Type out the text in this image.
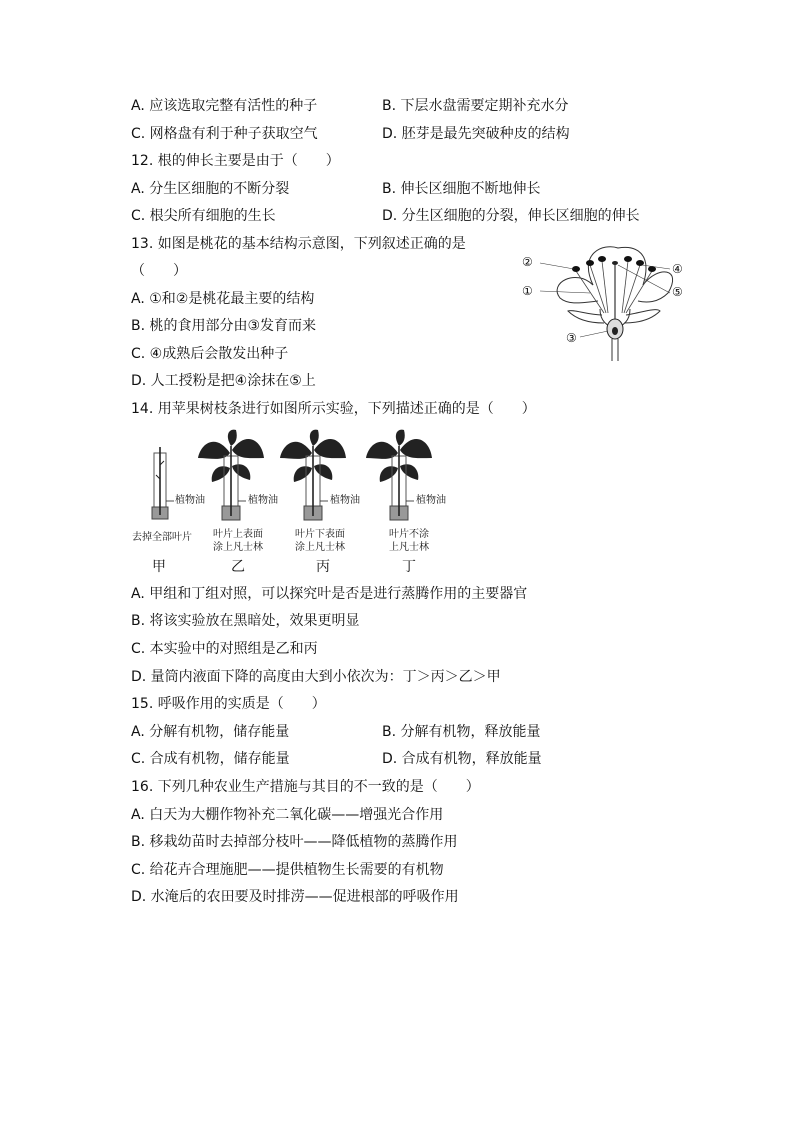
A. 应该选取完整有活性的种子	B. 下层水盘需要定期补充水分
C. 网格盘有利于种子获取空气	D. 胚芽是最先突破种皮的结构
12. 根的伸长主要是由于（　　）
A. 分生区细胞的不断分裂	B. 伸长区细胞不断地伸长
C. 根尖所有细胞的生长	D. 分生区细胞的分裂，伸长区细胞的伸长
13. 如图是桃花的基本结构示意图，下列叙述正确的是
（　　）
A. ①和②是桃花最主要的结构
B. 桃的食用部分由③发育而来
C. ④成熟后会散发出种子
D. 人工授粉是把④涂抹在⑤上
②
①
③
④
⑤
14. 用苹果树枝条进行如图所示实验，下列描述正确的是（　　）
植物油	植物油	植物油	植物油
去掉全部叶片	叶片上表面
涂上凡士林
叶片下表面
涂上凡士林
叶片不涂
上凡士林
甲	乙	丙	丁
A. 甲组和丁组对照，可以探究叶是否是进行蒸腾作用的主要器官
B. 将该实验放在黑暗处，效果更明显
C. 本实验中的对照组是乙和丙
D. 量筒内液面下降的高度由大到小依次为：丁＞丙＞乙＞甲
15. 呼吸作用的实质是（　　）
A. 分解有机物，储存能量	B. 分解有机物，释放能量
C. 合成有机物，储存能量	D. 合成有机物，释放能量
16. 下列几种农业生产措施与其目的不一致的是（　　）
A. 白天为大棚作物补充二氧化碳——增强光合作用
B. 移栽幼苗时去掉部分枝叶——降低植物的蒸腾作用
C. 给花卉合理施肥——提供植物生长需要的有机物
D. 水淹后的农田要及时排涝——促进根部的呼吸作用
